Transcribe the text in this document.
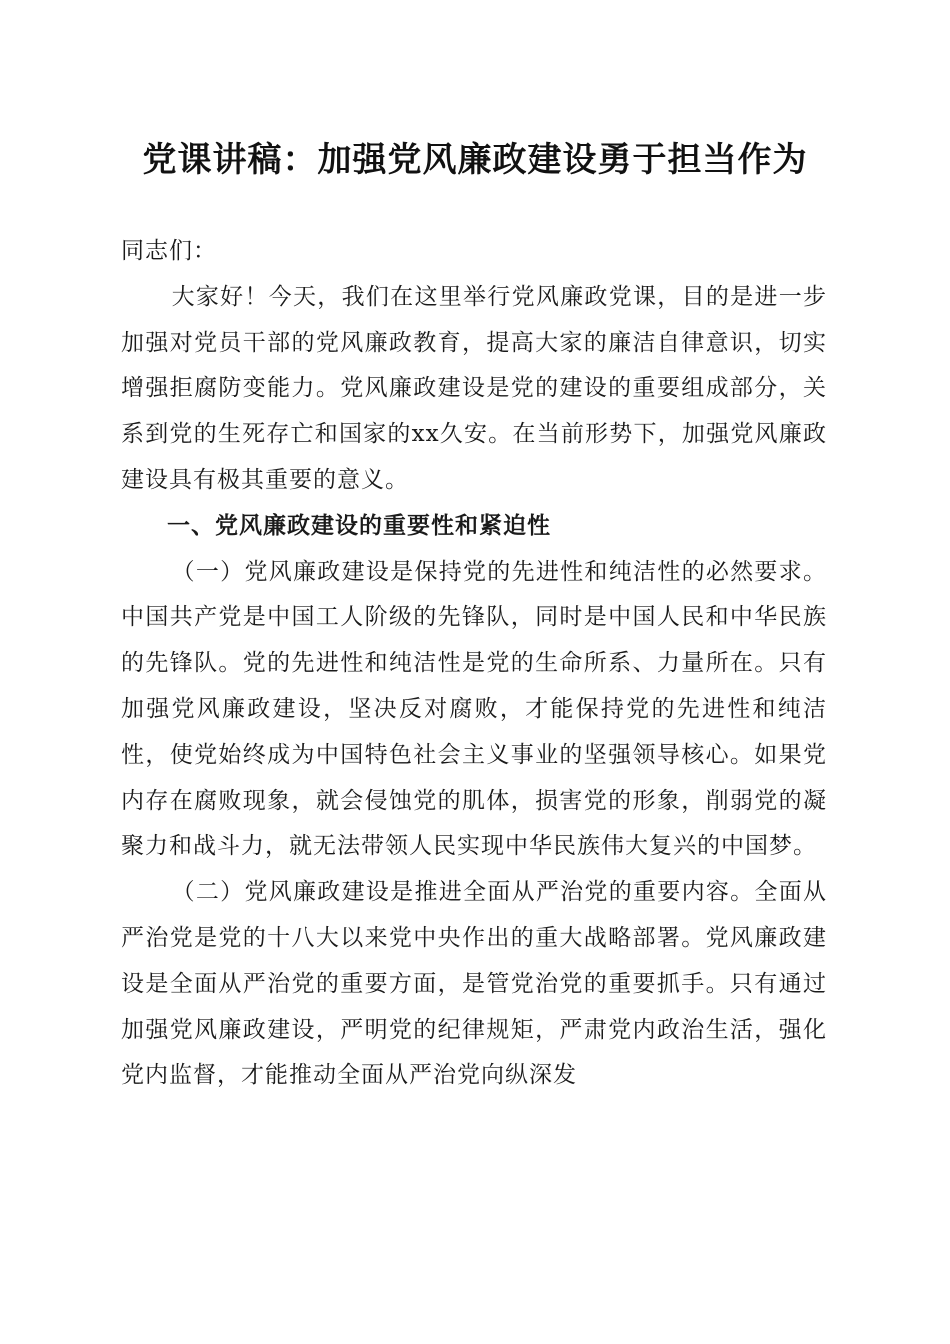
党课讲稿：加强党风廉政建设勇于担当作为

同志们：

大家好！今天，我们在这里举行党风廉政党课，目的是进一步加强对党员干部的党风廉政教育，提高大家的廉洁自律意识，切实增强拒腐防变能力。党风廉政建设是党的建设的重要组成部分，关系到党的生死存亡和国家的xx久安。在当前形势下，加强党风廉政建设具有极其重要的意义。

一、党风廉政建设的重要性和紧迫性

（一）党风廉政建设是保持党的先进性和纯洁性的必然要求。中国共产党是中国工人阶级的先锋队，同时是中国人民和中华民族的先锋队。党的先进性和纯洁性是党的生命所系、力量所在。只有加强党风廉政建设，坚决反对腐败，才能保持党的先进性和纯洁性，使党始终成为中国特色社会主义事业的坚强领导核心。如果党内存在腐败现象，就会侵蚀党的肌体，损害党的形象，削弱党的凝聚力和战斗力，就无法带领人民实现中华民族伟大复兴的中国梦。

（二）党风廉政建设是推进全面从严治党的重要内容。全面从严治党是党的十八大以来党中央作出的重大战略部署。党风廉政建设是全面从严治党的重要方面，是管党治党的重要抓手。只有通过加强党风廉政建设，严明党的纪律规矩，严肃党内政治生活，强化党内监督，才能推动全面从严治党向纵深发
